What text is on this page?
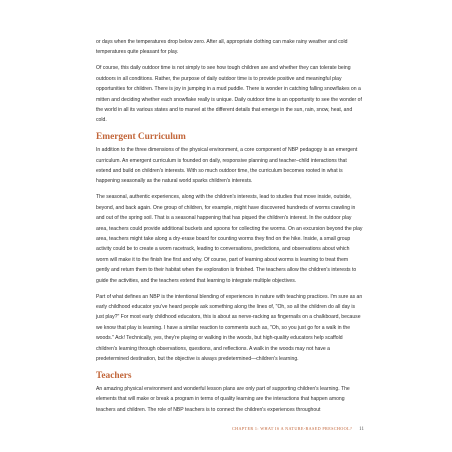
or days when the temperatures drop below zero. After all, appropriate clothing can make rainy weather and cold temperatures quite pleasant for play.

Of course, this daily outdoor time is not simply to see how tough children are and whether they can tolerate being outdoors in all conditions. Rather, the purpose of daily outdoor time is to provide positive and meaningful play opportunities for children. There is joy in jumping in a mud puddle. There is wonder in catching falling snowflakes on a mitten and deciding whether each snowflake really is unique. Daily outdoor time is an opportunity to see the wonder of the world in all its various states and to marvel at the different details that emerge in the sun, rain, snow, heat, and cold.

Emergent Curriculum

In addition to the three dimensions of the physical environment, a core component of NBP pedagogy is an emergent curriculum. An emergent curriculum is founded on daily, responsive planning and teacher–child interactions that extend and build on children's interests. With so much outdoor time, the curriculum becomes rooted in what is happening seasonally as the natural world sparks children's interests.

The seasonal, authentic experiences, along with the children's interests, lead to studies that move inside, outside, beyond, and back again. One group of children, for example, might have discovered hundreds of worms crawling in and out of the spring soil. That is a seasonal happening that has piqued the children's interest. In the outdoor play area, teachers could provide additional buckets and spoons for collecting the worms. On an excursion beyond the play area, teachers might take along a dry-erase board for counting worms they find on the hike. Inside, a small group activity could be to create a worm racetrack, leading to conversations, predictions, and observations about which worm will make it to the finish line first and why. Of course, part of learning about worms is learning to treat them gently and return them to their habitat when the exploration is finished. The teachers allow the children's interests to guide the activities, and the teachers extend that learning to integrate multiple objectives.

Part of what defines an NBP is the intentional blending of experiences in nature with teaching practices. I'm sure as an early childhood educator you've heard people ask something along the lines of, "Oh, so all the children do all day is just play?" For most early childhood educators, this is about as nerve-racking as fingernails on a chalkboard, because we know that play is learning. I have a similar reaction to comments such as, "Oh, so you just go for a walk in the woods." Ack! Technically, yes, they're playing or walking in the woods, but high-quality educators help scaffold children's learning through observations, questions, and reflections. A walk in the woods may not have a predetermined destination, but the objective is always predetermined—children's learning.

Teachers

An amazing physical environment and wonderful lesson plans are only part of supporting children's learning. The elements that will make or break a program in terms of quality learning are the interactions that happen among teachers and children. The role of NBP teachers is to connect the children's experiences throughout

CHAPTER 1: WHAT IS A NATURE-BASED PRESCHOOL? 11
